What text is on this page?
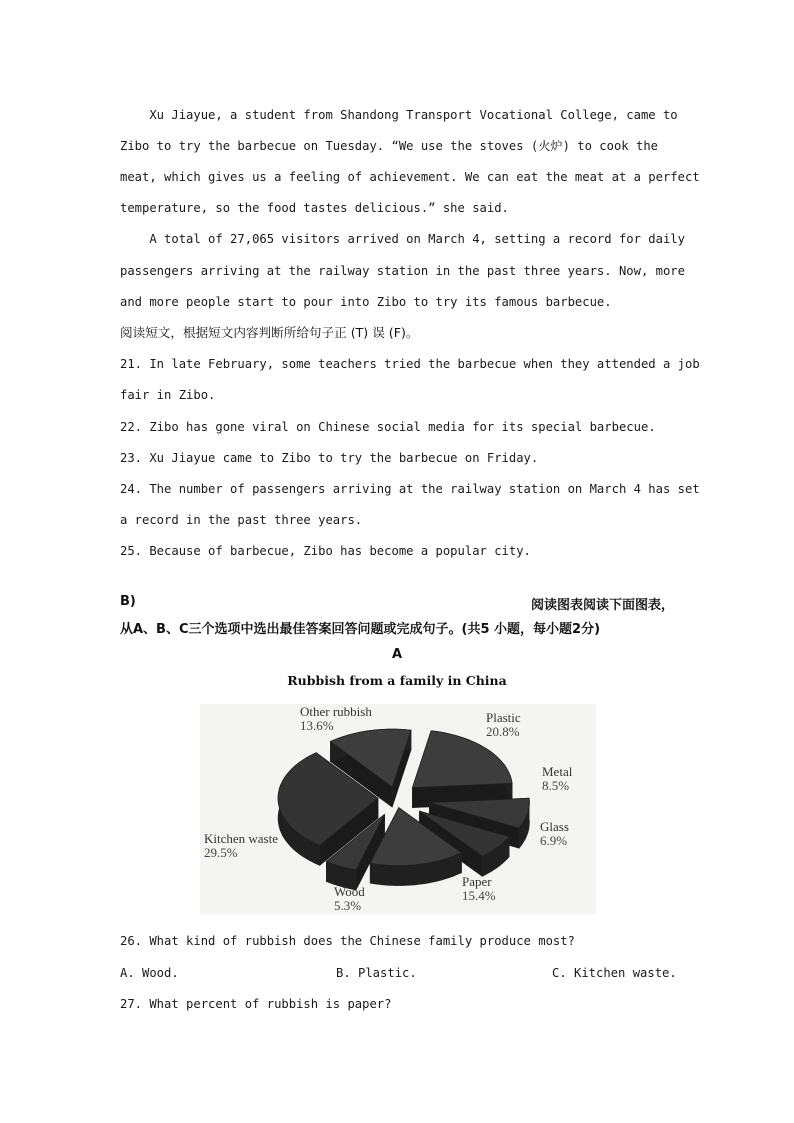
Xu Jiayue, a student from Shandong Transport Vocational College, came to
Zibo to try the barbecue on Tuesday. “We use the stoves (火炉) to cook the
meat, which gives us a feeling of achievement. We can eat the meat at a perfect
temperature, so the food tastes delicious.” she said.
A total of 27,065 visitors arrived on March 4, setting a record for daily
passengers arriving at the railway station in the past three years. Now, more
and more people start to pour into Zibo to try its famous barbecue.
阅读短文，根据短文内容判断所给句子正 (T) 误 (F)。
21. In late February, some teachers tried the barbecue when they attended a job
fair in Zibo.
22. Zibo has gone viral on Chinese social media for its special barbecue.
23. Xu Jiayue came to Zibo to try the barbecue on Friday.
24. The number of passengers arriving at the railway station on March 4 has set
a record in the past three years.
25. Because of barbecue, Zibo has become a popular city.
B)	阅读图表阅读下面图表，
从A、B、C三个选项中选出最佳答案回答问题或完成句子。(共5 小题，每小题2分)
A
Rubbish from a family in China
Plastic
20.8%
Metal
8.5%
Glass
6.9%
Paper
15.4%
Wood
5.3%
Kitchen waste
29.5%
Other rubbish
13.6%
26. What kind of rubbish does the Chinese family produce most?
A. Wood.	B. Plastic.	C. Kitchen waste.
27. What percent of rubbish is paper?
